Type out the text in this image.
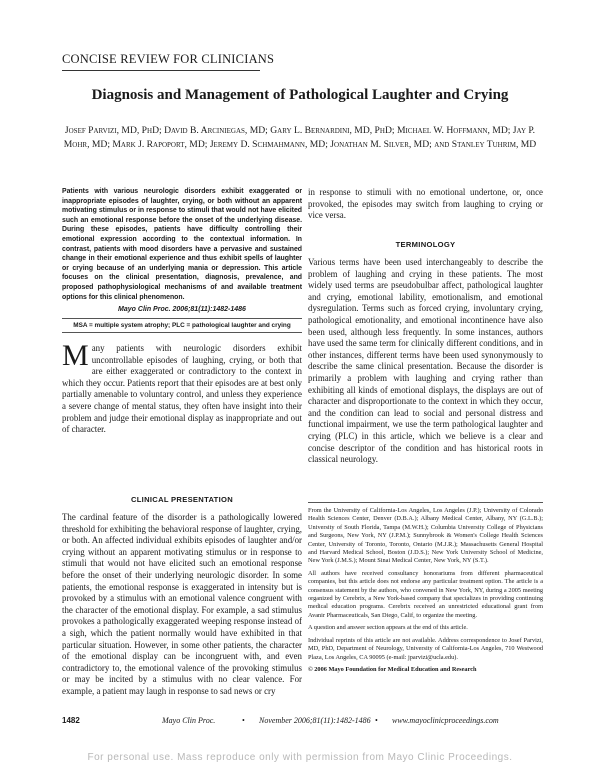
CONCISE REVIEW FOR CLINICIANS
Diagnosis and Management of Pathological Laughter and Crying
Josef Parvizi, MD, PhD; David B. Arciniegas, MD; Gary L. Bernardini, MD, PhD; Michael W. Hoffmann, MD; Jay P. Mohr, MD; Mark J. Rapoport, MD; Jeremy D. Schmahmann, MD; Jonathan M. Silver, MD; and Stanley Tuhrim, MD
Patients with various neurologic disorders exhibit exaggerated or inappropriate episodes of laughter, crying, or both without an apparent motivating stimulus or in response to stimuli that would not have elicited such an emotional response before the onset of the underlying disease. During these episodes, patients have difficulty controlling their emotional expression according to the contextual information. In contrast, patients with mood disorders have a pervasive and sustained change in their emotional experience and thus exhibit spells of laughter or crying because of an underlying mania or depression. This article focuses on the clinical presentation, diagnosis, prevalence, and proposed pathophysiological mechanisms of and available treatment options for this clinical phenomenon.
Mayo Clin Proc. 2006;81(11):1482-1486
MSA = multiple system atrophy; PLC = pathological laughter and crying
Many patients with neurologic disorders exhibit uncontrollable episodes of laughing, crying, or both that are either exaggerated or contradictory to the context in which they occur. Patients report that their episodes are at best only partially amenable to voluntary control, and unless they experience a severe change of mental status, they often have insight into their problem and judge their emotional display as inappropriate and out of character.
CLINICAL PRESENTATION
The cardinal feature of the disorder is a pathologically lowered threshold for exhibiting the behavioral response of laughter, crying, or both. An affected individual exhibits episodes of laughter and/or crying without an apparent motivating stimulus or in response to stimuli that would not have elicited such an emotional response before the onset of their underlying neurologic disorder. In some patients, the emotional response is exaggerated in intensity but is provoked by a stimulus with an emotional valence congruent with the character of the emotional display. For example, a sad stimulus provokes a pathologically exaggerated weeping response instead of a sigh, which the patient normally would have exhibited in that particular situation. However, in some other patients, the character of the emotional display can be incongruent with, and even contradictory to, the emotional valence of the provoking stimulus or may be incited by a stimulus with no clear valence. For example, a patient may laugh in response to sad news or cry
in response to stimuli with no emotional undertone, or, once provoked, the episodes may switch from laughing to crying or vice versa.
TERMINOLOGY
Various terms have been used interchangeably to describe the problem of laughing and crying in these patients. The most widely used terms are pseudobulbar affect, pathological laughter and crying, emotional lability, emotionalism, and emotional dysregulation. Terms such as forced crying, involuntary crying, pathological emotionality, and emotional incontinence have also been used, although less frequently. In some instances, authors have used the same term for clinically different conditions, and in other instances, different terms have been used synonymously to describe the same clinical presentation. Because the disorder is primarily a problem with laughing and crying rather than exhibiting all kinds of emotional displays, the displays are out of character and disproportionate to the context in which they occur, and the condition can lead to social and personal distress and functional impairment, we use the term pathological laughter and crying (PLC) in this article, which we believe is a clear and concise descriptor of the condition and has historical roots in classical neurology.

From the University of California-Los Angeles, Los Angeles (J.P.); University of Colorado Health Sciences Center, Denver (D.B.A.); Albany Medical Center, Albany, NY (G.L.B.); University of South Florida, Tampa (M.W.H.); Columbia University College of Physicians and Surgeons, New York, NY (J.P.M.); Sunnybrook & Women's College Health Sciences Center, University of Toronto, Toronto, Ontario (M.J.R.); Massachusetts General Hospital and Harvard Medical School, Boston (J.D.S.); New York University School of Medicine, New York (J.M.S.); Mount Sinai Medical Center, New York, NY (S.T.).

All authors have received consultancy honorariums from different pharmaceutical companies, but this article does not endorse any particular treatment option. The article is a consensus statement by the authors, who convened in New York, NY, during a 2005 meeting organized by Cerebrix, a New York-based company that specializes in providing continuing medical education programs. Cerebrix received an unrestricted educational grant from Avanir Pharmaceuticals, San Diego, Calif, to organize the meeting.

A question and answer section appears at the end of this article.

Individual reprints of this article are not available. Address correspondence to Josef Parvizi, MD, PhD, Department of Neurology, University of California-Los Angeles, 710 Westwood Plaza, Los Angeles, CA 90095 (e-mail: jparvizi@ucla.edu).

© 2006 Mayo Foundation for Medical Education and Research

1482	Mayo Clin Proc.	• November 2006;81(11):1482-1486 • www.mayoclinicproceedings.com
For personal use. Mass reproduce only with permission from Mayo Clinic Proceedings.
